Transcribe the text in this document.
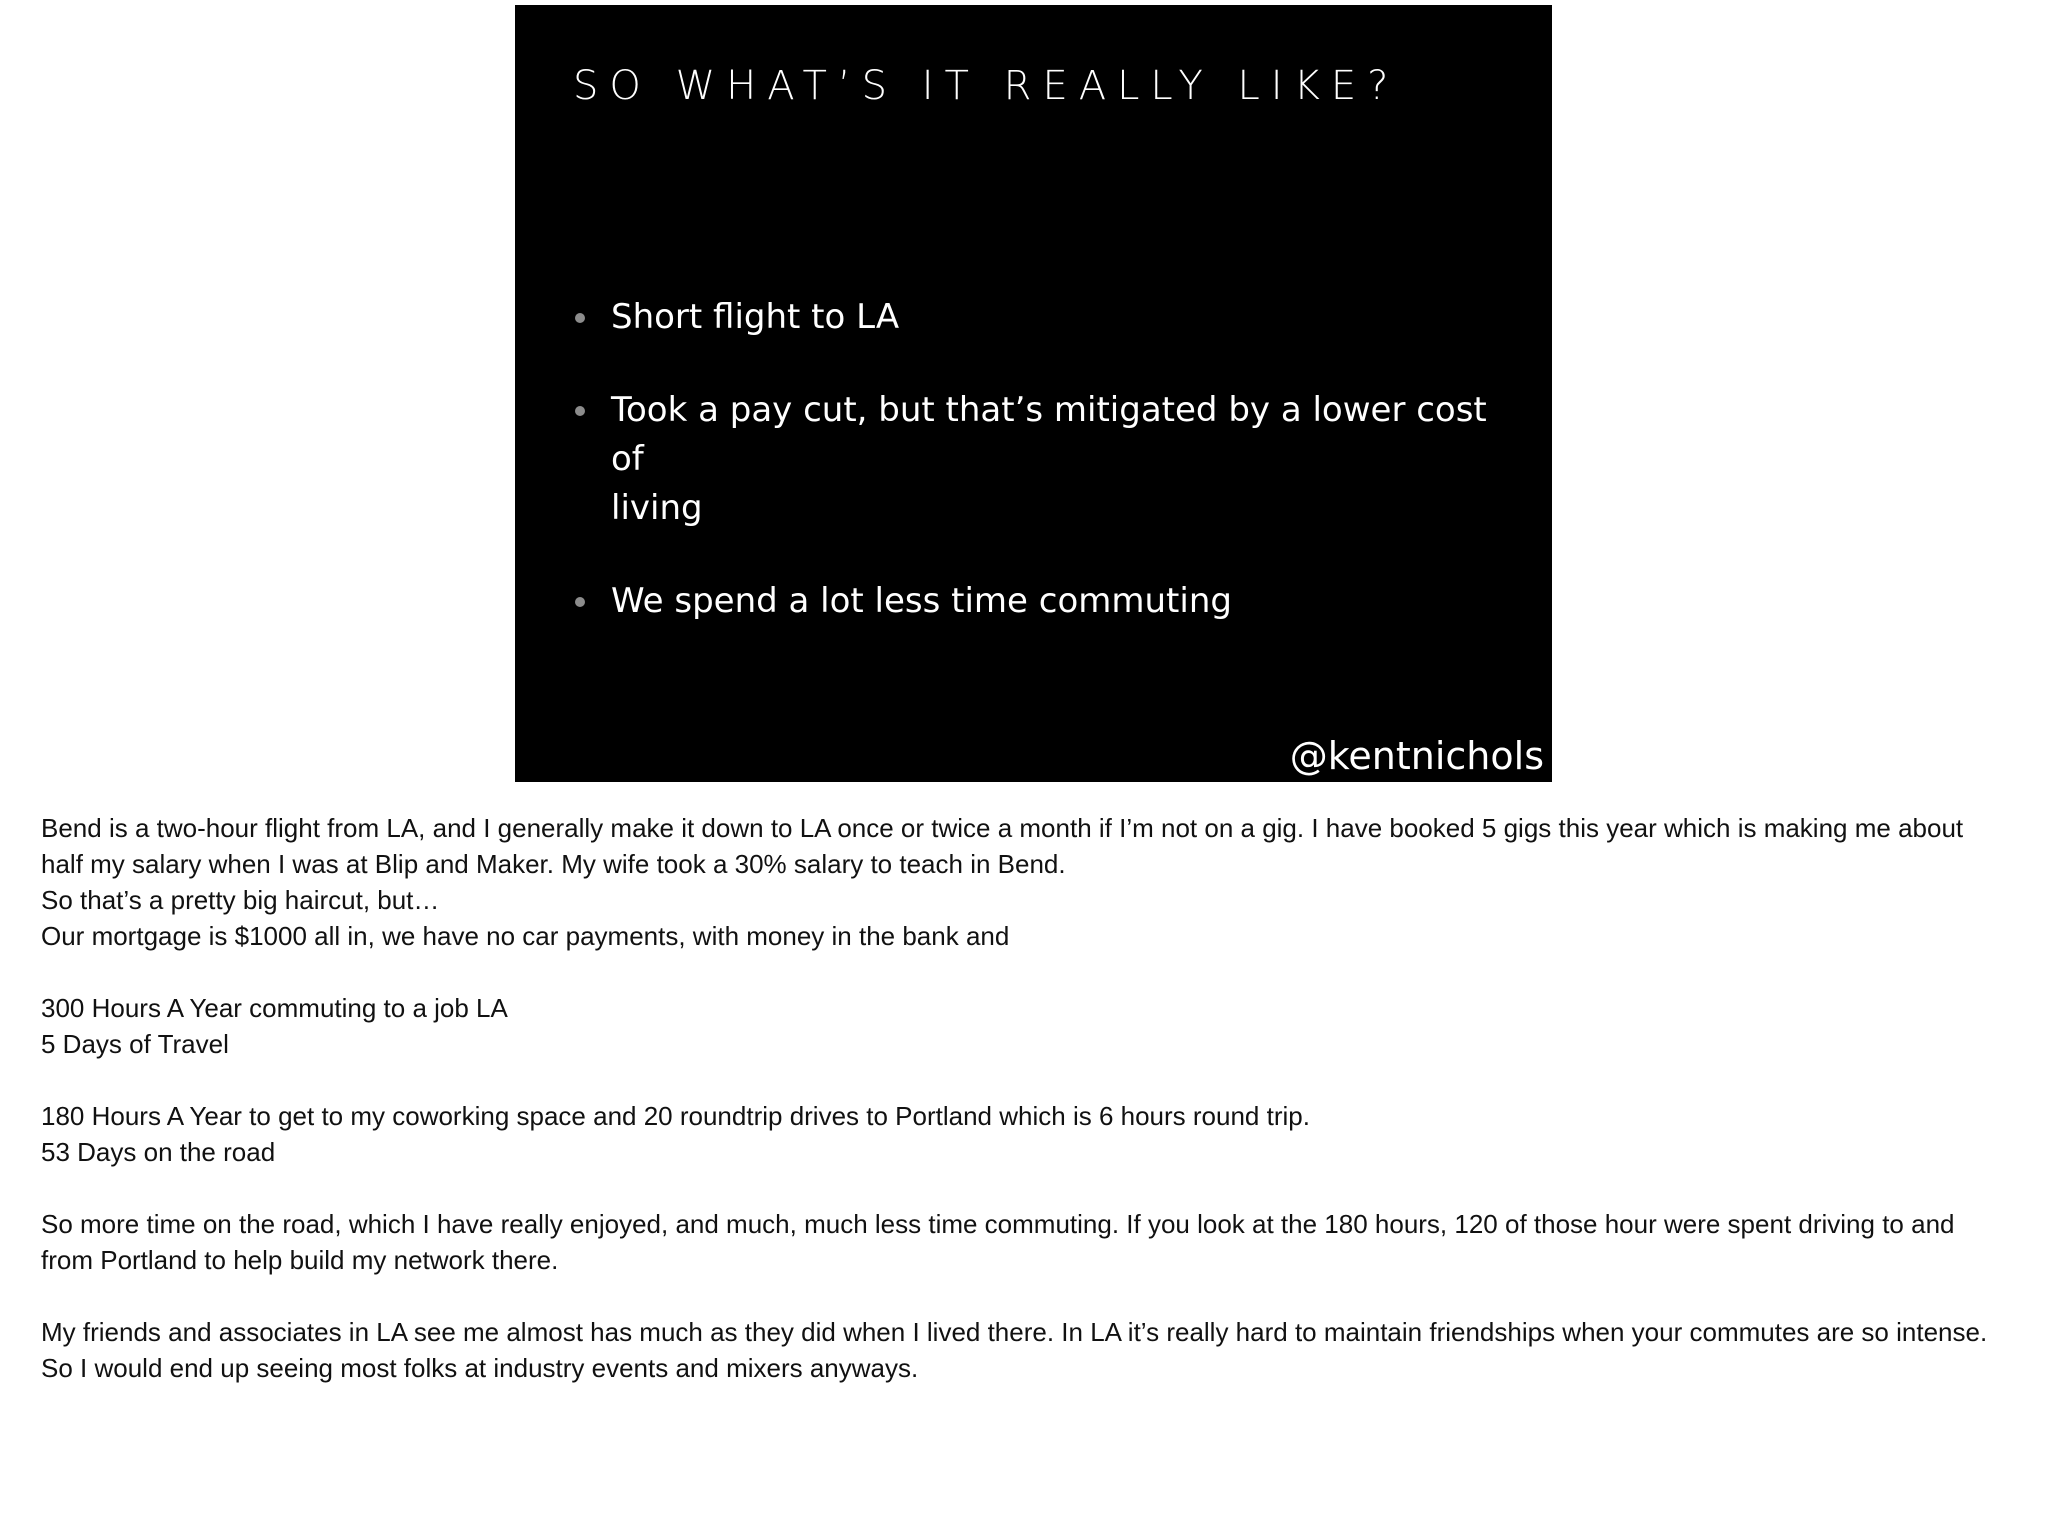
SO WHAT’S IT REALLY LIKE?
Short flight to LA
Took a pay cut, but that’s mitigated by a lower cost of
living
We spend a lot less time commuting
@kentnichols
Bend is a two-hour flight from LA, and I generally make it down to LA once or twice a month if I’m not on a gig. I have booked 5 gigs this year which is making me about
half my salary when I was at Blip and Maker. My wife took a 30% salary to teach in Bend.
So that’s a pretty big haircut, but…
Our mortgage is $1000 all in, we have no car payments, with money in the bank and
300 Hours A Year commuting to a job LA
5 Days of Travel
180 Hours A Year to get to my coworking space and 20 roundtrip drives to Portland which is 6 hours round trip.
53 Days on the road
So more time on the road, which I have really enjoyed, and much, much less time commuting. If you look at the 180 hours, 120 of those hour were spent driving to and
from Portland to help build my network there.
My friends and associates in LA see me almost has much as they did when I lived there. In LA it’s really hard to maintain friendships when your commutes are so intense.
So I would end up seeing most folks at industry events and mixers anyways.
